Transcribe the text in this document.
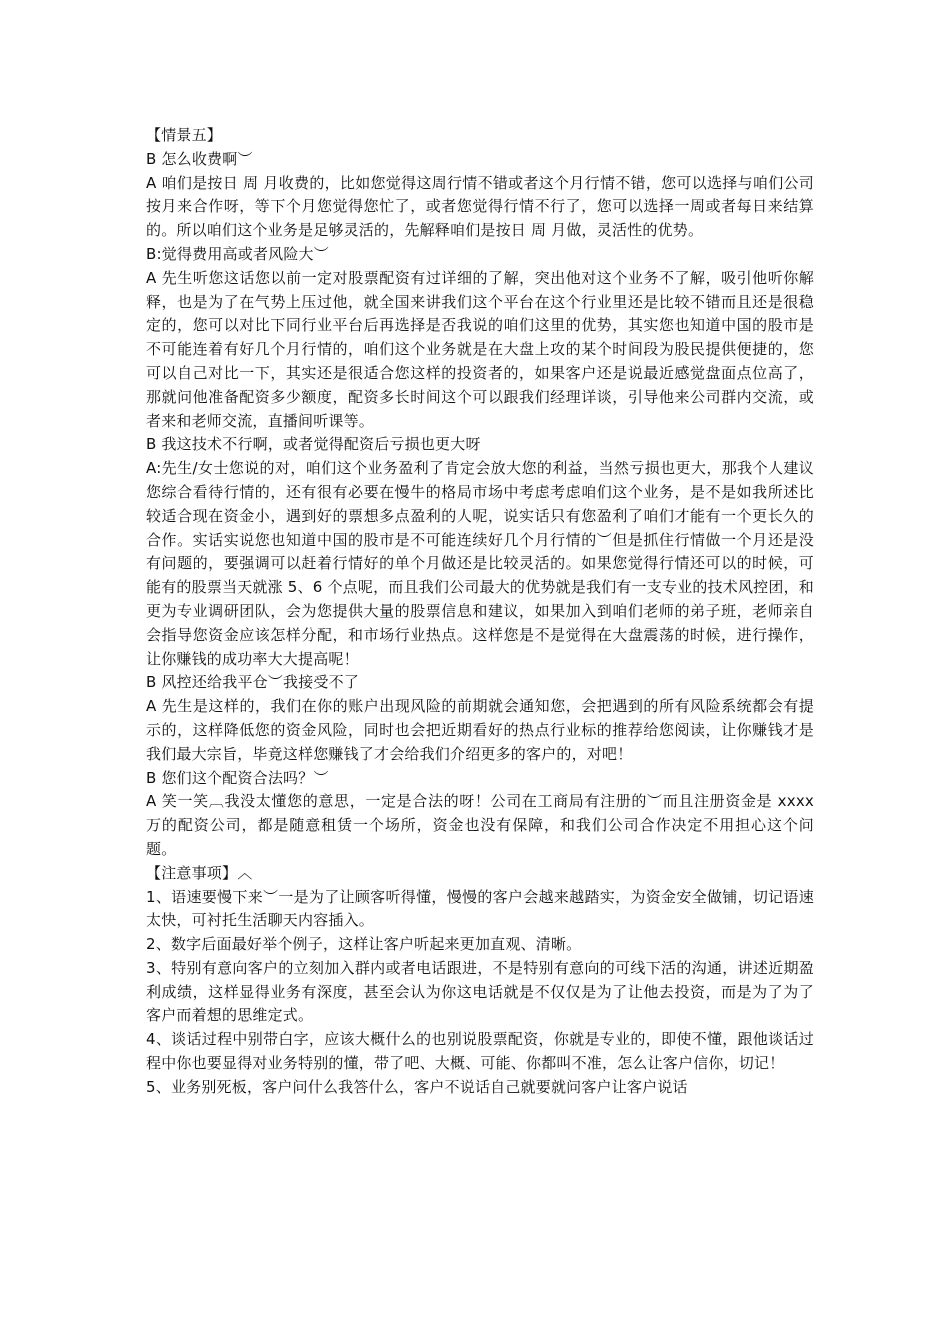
【情景五】

B 怎么收费啊︶

A 咱们是按日 周 月收费的，比如您觉得这周行情不错或者这个月行情不错，您可以选择与咱们公司按月来合作呀，等下个月您觉得您忙了，或者您觉得行情不行了，您可以选择一周或者每日来结算的。所以咱们这个业务是足够灵活的，先解释咱们是按日 周 月做，灵活性的优势。

B:觉得费用高或者风险大︶

A 先生听您这话您以前一定对股票配资有过详细的了解，突出他对这个业务不了解，吸引他听你解释，也是为了在气势上压过他，就全国来讲我们这个平台在这个行业里还是比较不错而且还是很稳定的，您可以对比下同行业平台后再选择是否我说的咱们这里的优势，其实您也知道中国的股市是不可能连着有好几个月行情的，咱们这个业务就是在大盘上攻的某个时间段为股民提供便捷的，您可以自己对比一下，其实还是很适合您这样的投资者的，如果客户还是说最近感觉盘面点位高了，那就问他准备配资多少额度，配资多长时间这个可以跟我们经理详谈，引导他来公司群内交流，或者来和老师交流，直播间听课等。

B 我这技术不行啊，或者觉得配资后亏损也更大呀

A:先生/女士您说的对，咱们这个业务盈利了肯定会放大您的利益，当然亏损也更大，那我个人建议您综合看待行情的，还有很有必要在慢牛的格局市场中考虑考虑咱们这个业务，是不是如我所述比较适合现在资金小，遇到好的票想多点盈利的人呢，说实话只有您盈利了咱们才能有一个更长久的合作。实话实说您也知道中国的股市是不可能连续好几个月行情的︶但是抓住行情做一个月还是没有问题的，要强调可以赶着行情好的单个月做还是比较灵活的。如果您觉得行情还可以的时候，可能有的股票当天就涨 5、6 个点呢，而且我们公司最大的优势就是我们有一支专业的技术风控团，和更为专业调研团队，会为您提供大量的股票信息和建议，如果加入到咱们老师的弟子班，老师亲自会指导您资金应该怎样分配，和市场行业热点。这样您是不是觉得在大盘震荡的时候，进行操作，让你赚钱的成功率大大提高呢！

B 风控还给我平仓︶我接受不了

A 先生是这样的，我们在你的账户出现风险的前期就会通知您，会把遇到的所有风险系统都会有提示的，这样降低您的资金风险，同时也会把近期看好的热点行业标的推荐给您阅读，让你赚钱才是我们最大宗旨，毕竟这样您赚钱了才会给我们介绍更多的客户的，对吧！

B 您们这个配资合法吗？︶

A 笑一笑︹我没太懂您的意思，一定是合法的呀！公司在工商局有注册的︶而且注册资金是 xxxx 万的配资公司，都是随意租赁一个场所，资金也没有保障，和我们公司合作决定不用担心这个问题。

【注意事项】︿

1、语速要慢下来︶一是为了让顾客听得懂，慢慢的客户会越来越踏实，为资金安全做铺，切记语速太快，可衬托生活聊天内容插入。

2、数字后面最好举个例子，这样让客户听起来更加直观、清晰。

3、特别有意向客户的立刻加入群内或者电话跟进，不是特别有意向的可线下活的沟通，讲述近期盈利成绩，这样显得业务有深度，甚至会认为你这电话就是不仅仅是为了让他去投资，而是为了为了客户而着想的思维定式。

4、谈话过程中别带白字，应该大概什么的也别说股票配资，你就是专业的，即使不懂，跟他谈话过程中你也要显得对业务特别的懂，带了吧、大概、可能、你都叫不准，怎么让客户信你，切记！

5、业务别死板，客户问什么我答什么，客户不说话自己就要就问客户让客户说话
